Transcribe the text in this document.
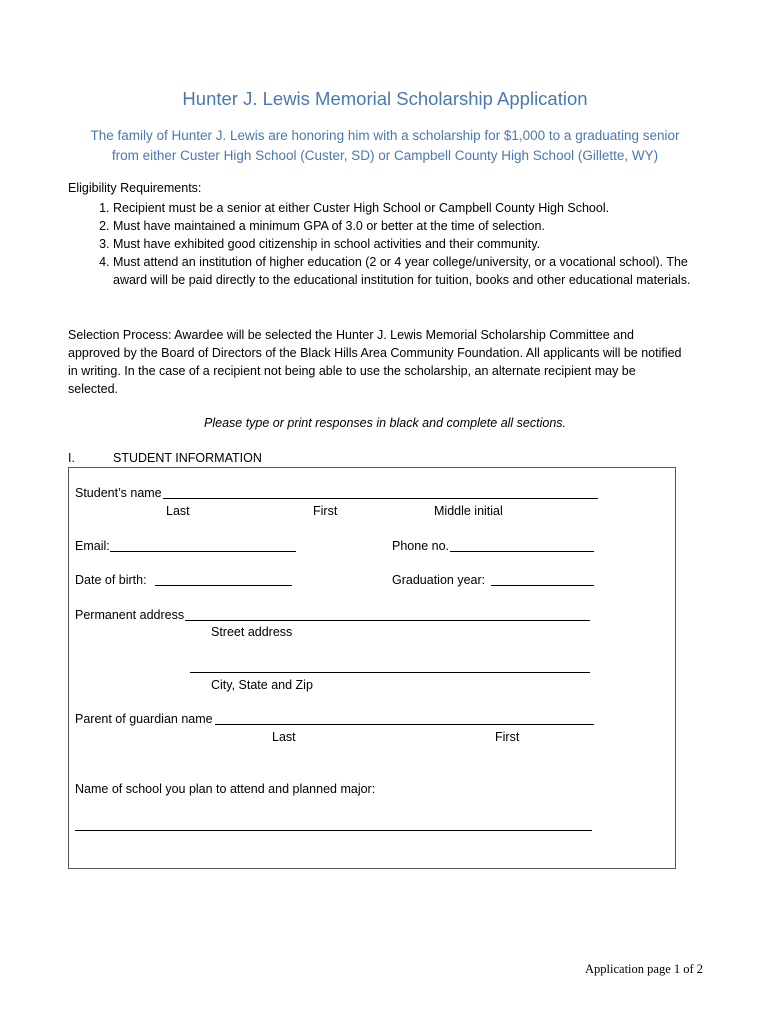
Hunter J. Lewis Memorial Scholarship Application
The family of Hunter J. Lewis are honoring him with a scholarship for $1,000 to a graduating senior
from either Custer High School (Custer, SD) or Campbell County High School (Gillette, WY)
Eligibility Requirements:
1. Recipient must be a senior at either Custer High School or Campbell County High School.
2. Must have maintained a minimum GPA of 3.0 or better at the time of selection.
3. Must have exhibited good citizenship in school activities and their community.
4. Must attend an institution of higher education (2 or 4 year college/university, or a vocational school). The award will be paid directly to the educational institution for tuition, books and other educational materials.
Selection Process: Awardee will be selected the Hunter J. Lewis Memorial Scholarship Committee and approved by the Board of Directors of the Black Hills Area Community Foundation. All applicants will be notified in writing. In the case of a recipient not being able to use the scholarship, an alternate recipient may be selected.
Please type or print responses in black and complete all sections.
I.	STUDENT INFORMATION
Student’s name
Last	First	Middle initial
Email:	Phone no.
Date of birth:	Graduation year:
Permanent address
Street address
City, State and Zip
Parent of guardian name
Last	First
Name of school you plan to attend and planned major:
Application page 1 of 2
